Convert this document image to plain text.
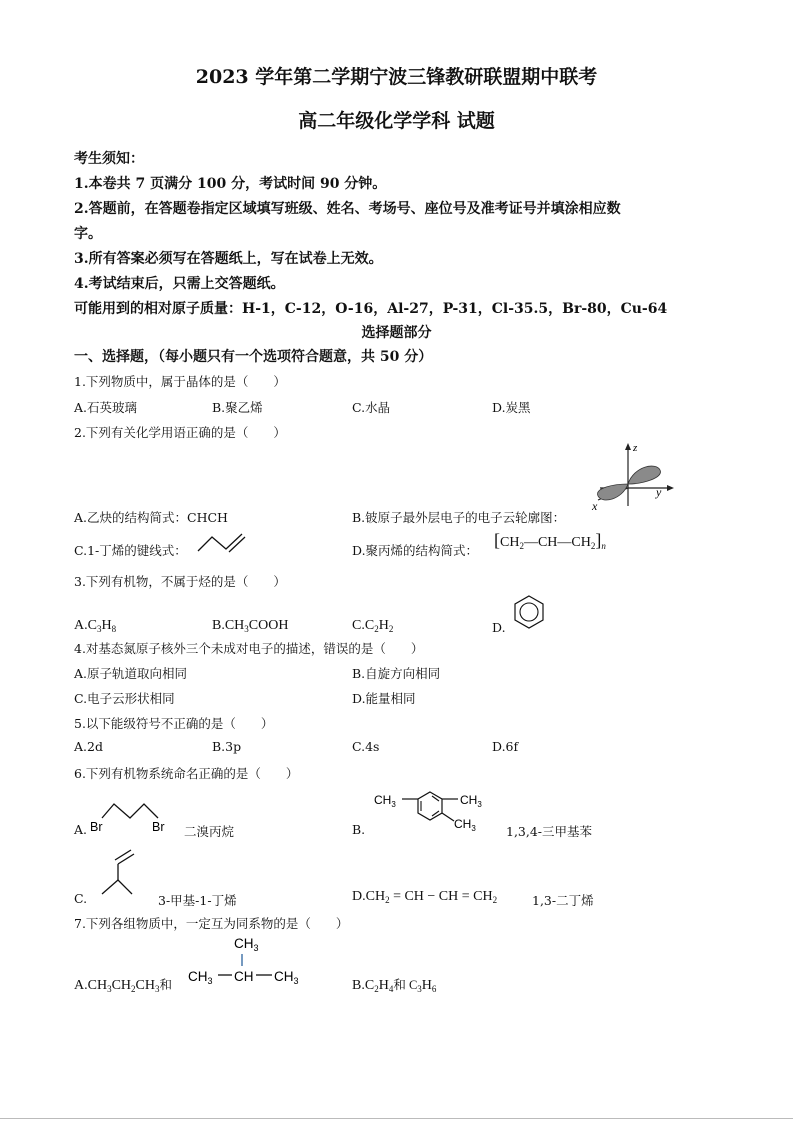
2023 学年第二学期宁波三锋教研联盟期中联考
高二年级化学学科 试题
考生须知：
1.本卷共 7 页满分 100 分，考试时间 90 分钟。
2.答题前，在答题卷指定区域填写班级、姓名、考场号、座位号及准考证号并填涂相应数
字。
3.所有答案必须写在答题纸上，写在试卷上无效。
4.考试结束后，只需上交答题纸。
可能用到的相对原子质量：H-1，C-12，O-16，Al-27，P-31，Cl-35.5，Br-80，Cu-64
选择题部分
一、选择题，（每小题只有一个选项符合题意，共 50 分）
1.下列物质中，属于晶体的是（　　）
A.石英玻璃	B.聚乙烯	C.水晶	D.炭黑
2.下列有关化学用语正确的是（　　）
z
y
x
A.乙炔的结构简式：CHCH	B.铍原子最外层电子的电子云轮廓图：
C.1-丁烯的键线式：	D.聚丙烯的结构简式：
$[CH_2—CH—CH_2]_n$
3.下列有机物，不属于烃的是（　　）
$A.C_3H_8$	$B.CH_3COOH$	$C.C_2H_2$	D.
4.对基态氮原子核外三个未成对电子的描述，错误的是（　　）
A.原子轨道取向相同	B.自旋方向相同
C.电子云形状相同	D.能量相同
5.以下能级符号不正确的是（　　）
A.2d	B.3p	C.4s	D.6f
6.下列有机物系统命名正确的是（　　）
A. Br	Br 二溴丙烷	B.
$CH_3$	$CH_3$
$CH_3$ 1,3,4-三甲基苯
C.	3-甲基-1-丁烯	$D.CH_2$ = CH − CH = $CH_2$	1,3-二丁烯
7.下列各组物质中，一定互为同系物的是（　　）
$A.CH_3CH_2CH_3$和
$CH_3$
$CH_3$ CH $CH_3$	$B.C_2H_4$和 $C_3H_6$
